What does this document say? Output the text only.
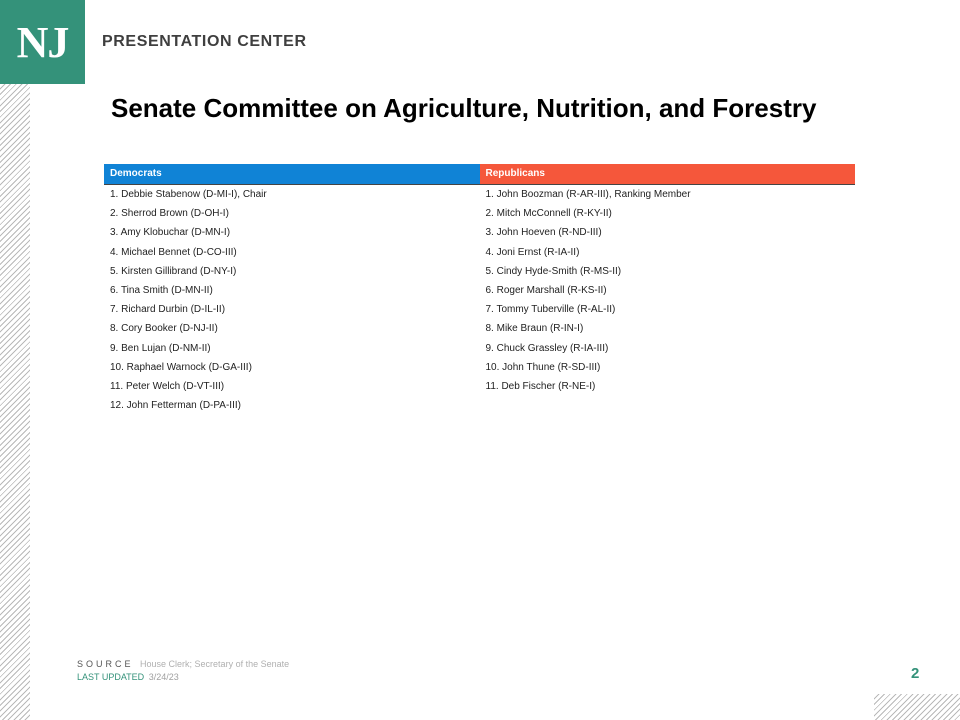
NJ PRESENTATION CENTER
Senate Committee on Agriculture, Nutrition, and Forestry
Democrats	Republicans
1. Debbie Stabenow (D-MI-I), Chair
2. Sherrod Brown (D-OH-I)
3. Amy Klobuchar (D-MN-I)
4. Michael Bennet (D-CO-III)
5. Kirsten Gillibrand (D-NY-I)
6. Tina Smith (D-MN-II)
7. Richard Durbin (D-IL-II)
8. Cory Booker (D-NJ-II)
9. Ben Lujan (D-NM-II)
10. Raphael Warnock (D-GA-III)
11. Peter Welch (D-VT-III)
12. John Fetterman (D-PA-III)
1. John Boozman (R-AR-III), Ranking Member
2. Mitch McConnell (R-KY-II)
3. John Hoeven (R-ND-III)
4. Joni Ernst (R-IA-II)
5. Cindy Hyde-Smith (R-MS-II)
6. Roger Marshall (R-KS-II)
7. Tommy Tuberville (R-AL-II)
8. Mike Braun (R-IN-I)
9. Chuck Grassley (R-IA-III)
10. John Thune (R-SD-III)
11. Deb Fischer (R-NE-I)
SOURCE House Clerk; Secretary of the Senate
LAST UPDATED 3/24/23	2
